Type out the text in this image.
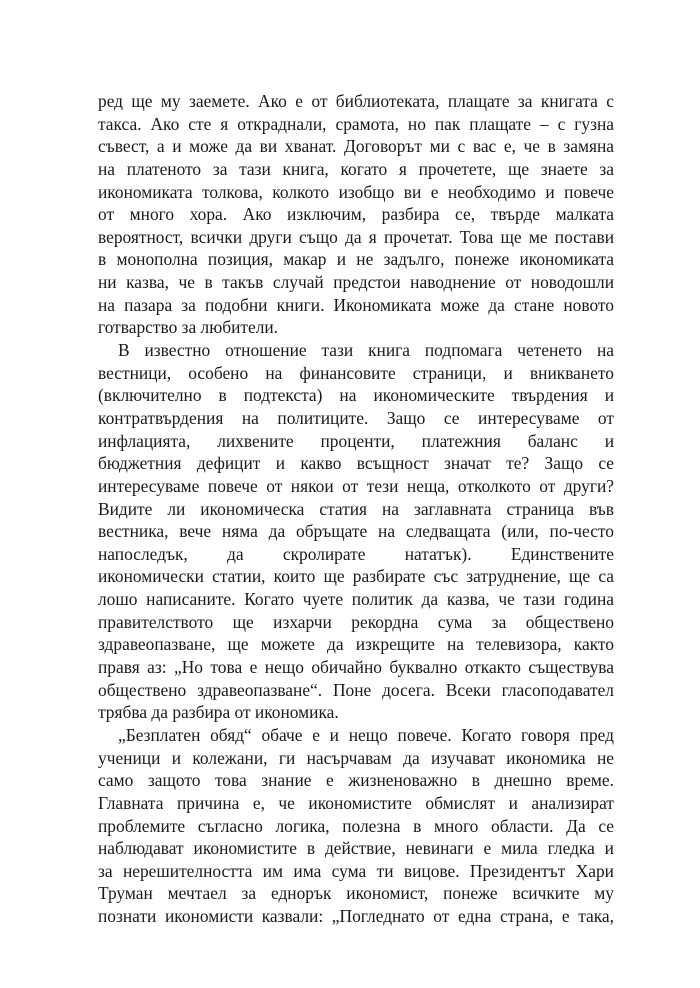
ред ще му заемете. Ако е от библиотеката, плащате за книгата с
такса. Ако сте я откраднали, срамота, но пак плащате – с гузна
съвест, а и може да ви хванат. Договорът ми с вас е, че в замяна
на платеното за тази книга, когато я прочетете, ще знаете за
икономиката толкова, колкото изобщо ви е необходимо и повече
от много хора. Ако изключим, разбира се, твърде малката
вероятност, всички други също да я прочетат. Това ще ме постави
в монополна позиция, макар и не задълго, понеже икономиката
ни казва, че в такъв случай предстои наводнение от новодошли
на пазара за подобни книги. Икономиката може да стане новото
готварство за любители.
В известно отношение тази книга подпомага четенето на
вестници, особено на финансовите страници, и вникването
(включително в подтекста) на икономическите твърдения и
контратвърдения на политиците. Защо се интересуваме от
инфлацията, лихвените проценти, платежния баланс и
бюджетния дефицит и какво всъщност значат те? Защо се
интересуваме повече от някои от тези неща, отколкото от други?
Видите ли икономическа статия на заглавната страница във
вестника, вече няма да обръщате на следващата (или, по-често
напоследък, да скролирате нататък). Единствените
икономически статии, които ще разбирате със затруднение, ще са
лошо написаните. Когато чуете политик да казва, че тази година
правителството ще изхарчи рекордна сума за обществено
здравеопазване, ще можете да изкрещите на телевизора, както
правя аз: „Но това е нещо обичайно буквално откакто съществува
обществено здравеопазване“. Поне досега. Всеки гласоподавател
трябва да разбира от икономика.
„Безплатен обяд“ обаче е и нещо повече. Когато говоря пред
ученици и колежани, ги насърчавам да изучават икономика не
само защото това знание е жизненоважно в днешно време.
Главната причина е, че икономистите обмислят и анализират
проблемите съгласно логика, полезна в много области. Да се
наблюдават икономистите в действие, невинаги е мила гледка и
за нерешителността им има сума ти вицове. Президентът Хари
Труман мечтаел за еднорък икономист, понеже всичките му
познати икономисти казвали: „Погледнато от една страна, е така,
